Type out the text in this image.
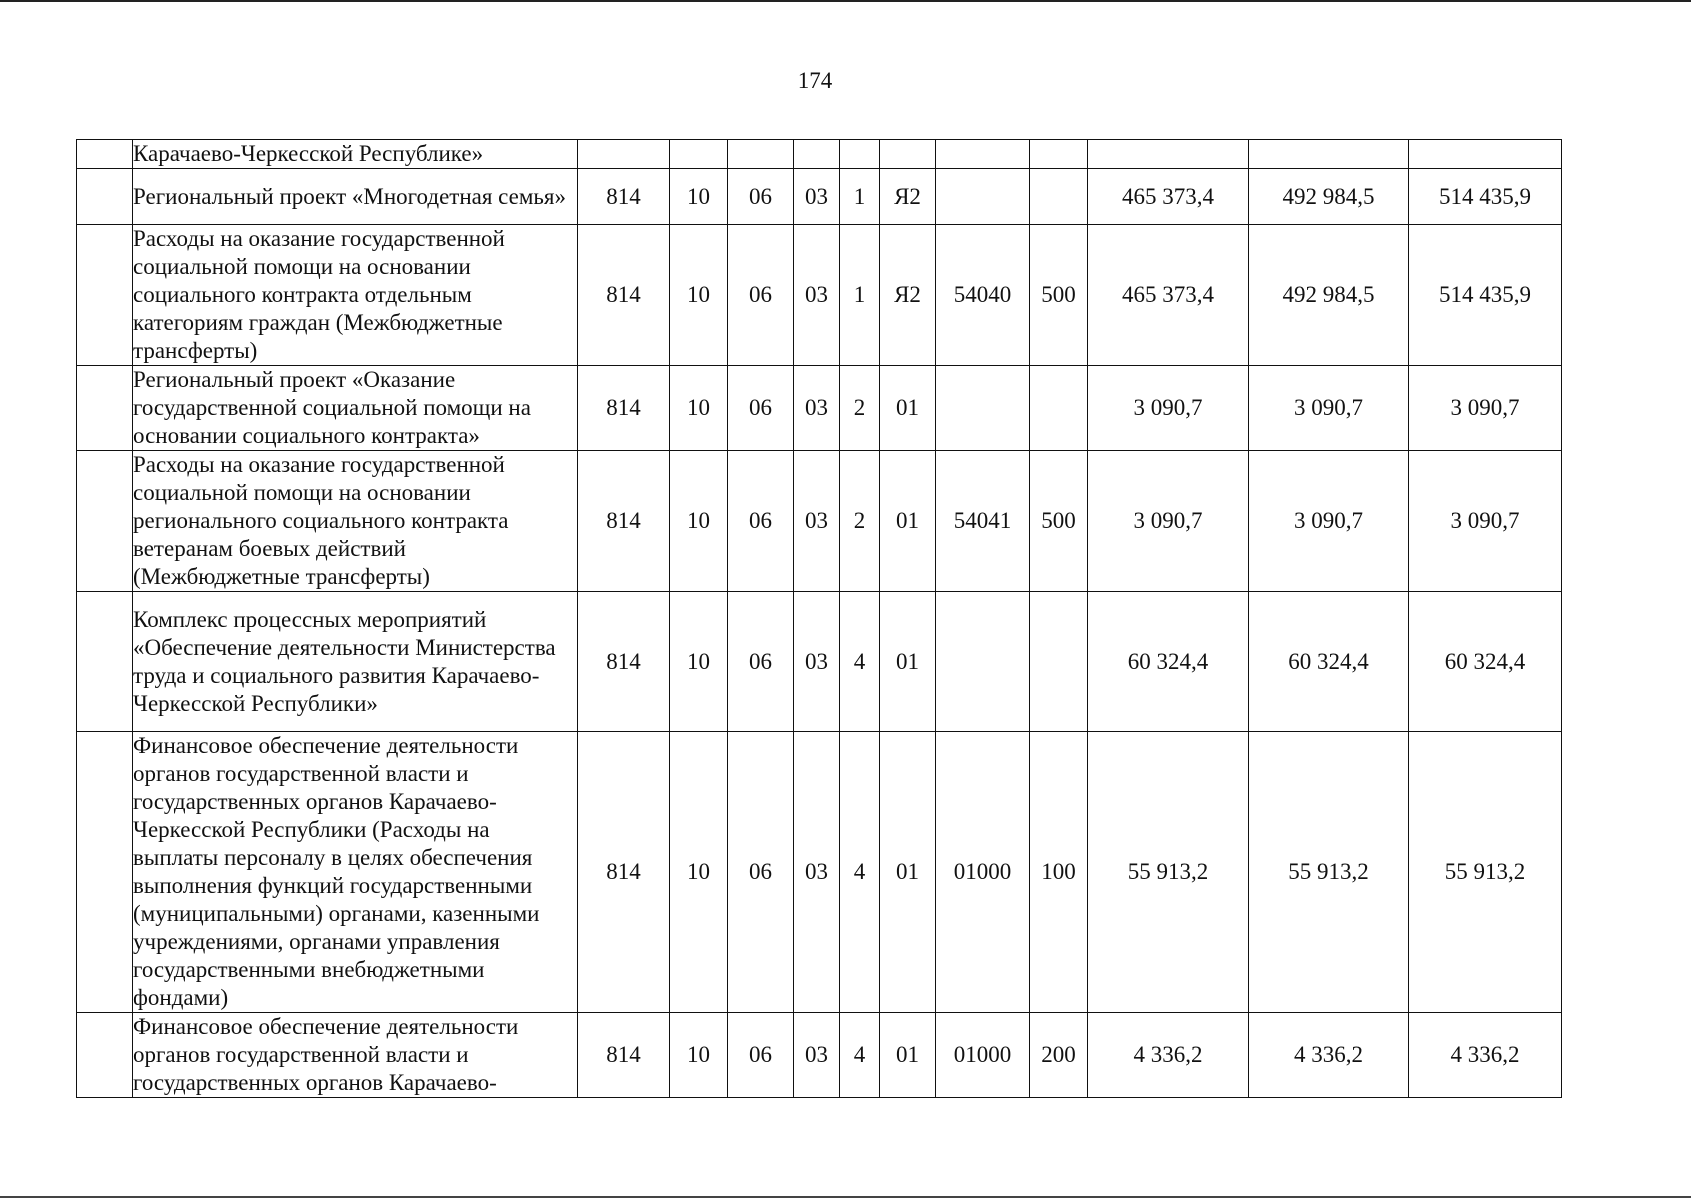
174
	Карачаево-Черкесской Республике»											
	Региональный проект «Многодетная семья»	814	10	06	03	1	Я2			465 373,4	492 984,5	514 435,9
	Расходы на оказание государственной социальной помощи на основании социального контракта отдельным категориям граждан (Межбюджетные трансферты)	814	10	06	03	1	Я2	54040	500	465 373,4	492 984,5	514 435,9
	Региональный проект «Оказание государственной социальной помощи на основании социального контракта»	814	10	06	03	2	01			3 090,7	3 090,7	3 090,7
	Расходы на оказание государственной социальной помощи на основании регионального социального контракта ветеранам боевых действий (Межбюджетные трансферты)	814	10	06	03	2	01	54041	500	3 090,7	3 090,7	3 090,7
	Комплекс процессных мероприятий «Обеспечение деятельности Министерства труда и социального развития Карачаево-Черкесской Республики»	814	10	06	03	4	01			60 324,4	60 324,4	60 324,4
	Финансовое обеспечение деятельности органов государственной власти и государственных органов Карачаево-Черкесской Республики (Расходы на выплаты персоналу в целях обеспечения выполнения функций государственными (муниципальными) органами, казенными учреждениями, органами управления государственными внебюджетными фондами)	814	10	06	03	4	01	01000	100	55 913,2	55 913,2	55 913,2
	Финансовое обеспечение деятельности органов государственной власти и государственных органов Карачаево-	814	10	06	03	4	01	01000	200	4 336,2	4 336,2	4 336,2
